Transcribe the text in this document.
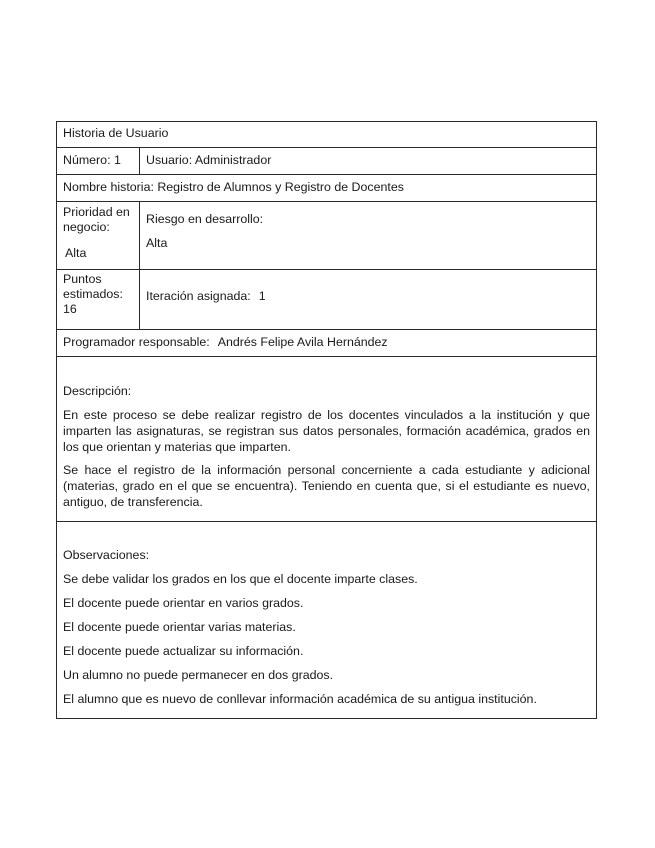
Historia de Usuario
Número: 1	Usuario: Administrador
Nombre historia: Registro de Alumnos y Registro de Docentes
Prioridad en negocio:
Alta
Riesgo en desarrollo:
Alta
Puntos estimados:
16
Iteración asignada: 1
Programador responsable: Andrés Felipe Avila Hernández

Descripción:

En este proceso se debe realizar registro de los docentes vinculados a la institución y que imparten las asignaturas, se registran sus datos personales, formación académica, grados en los que orientan y materias que imparten.

Se hace el registro de la información personal concerniente a cada estudiante y adicional (materias, grado en el que se encuentra). Teniendo en cuenta que, si el estudiante es nuevo, antiguo, de transferencia.

Observaciones:

Se debe validar los grados en los que el docente imparte clases.

El docente puede orientar en varios grados.

El docente puede orientar varias materias.

El docente puede actualizar su información.

Un alumno no puede permanecer en dos grados.

El alumno que es nuevo de conllevar información académica de su antigua institución.
